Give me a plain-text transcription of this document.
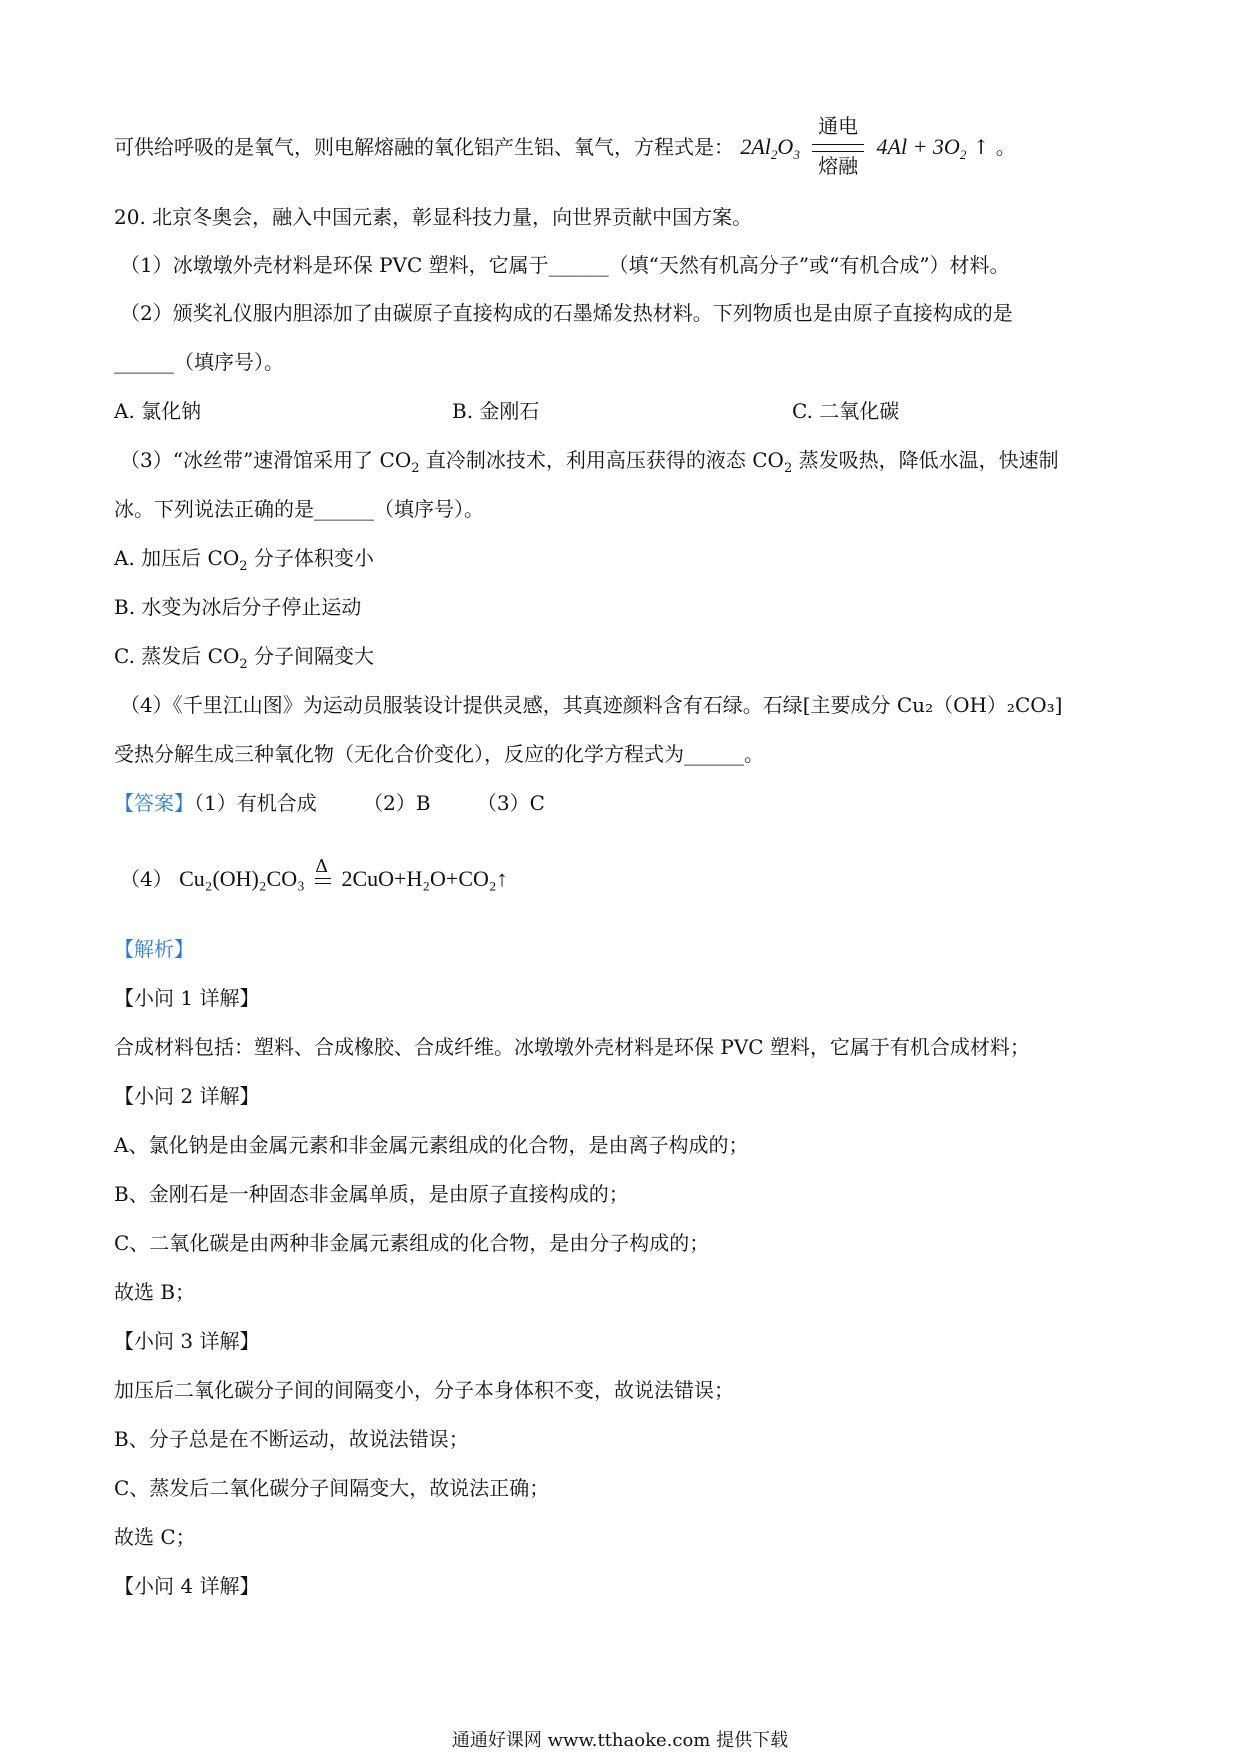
可供给呼吸的是氧气，则电解熔融的氧化铝产生铝、氧气，方程式是： $2Al_2O_3$
通电
熔融
$4Al + 3O_2$ ↑ 。
20. 北京冬奥会，融入中国元素，彰显科技力量，向世界贡献中国方案。
（1）冰墩墩外壳材料是环保 PVC 塑料，它属于______（填“天然有机高分子”或“有机合成”）材料。
（2）颁奖礼仪服内胆添加了由碳原子直接构成的石墨烯发热材料。下列物质也是由原子直接构成的是
______（填序号）。
A. 氯化钠	B. 金刚石	C. 二氧化碳
（3）“冰丝带”速滑馆采用了 $CO_2$ 直冷制冰技术，利用高压获得的液态 $CO_2$ 蒸发吸热，降低水温，快速制
冰。下列说法正确的是______（填序号）。
A. 加压后 $CO_2$ 分子体积变小
B. 水变为冰后分子停止运动
C. 蒸发后 $CO_2$ 分子间隔变大
（4）《千里江山图》为运动员服装设计提供灵感，其真迹颜料含有石绿。石绿[主要成分 Cu₂（OH）₂CO₃]
受热分解生成三种氧化物（无化合价变化），反应的化学方程式为______。
【答案】（1）有机合成 （2）B （3）C
（4） Cu₂(OH)₂CO₃ Δ 2CuO+H₂O+CO₂↑
【解析】
【小问 1 详解】
合成材料包括：塑料、合成橡胶、合成纤维。冰墩墩外壳材料是环保 PVC 塑料，它属于有机合成材料；
【小问 2 详解】
A、氯化钠是由金属元素和非金属元素组成的化合物，是由离子构成的；
B、金刚石是一种固态非金属单质，是由原子直接构成的；
C、二氧化碳是由两种非金属元素组成的化合物，是由分子构成的；
故选 B；
【小问 3 详解】
加压后二氧化碳分子间的间隔变小，分子本身体积不变，故说法错误；
B、分子总是在不断运动，故说法错误；
C、蒸发后二氧化碳分子间隔变大，故说法正确；
故选 C；
【小问 4 详解】
通通好课网 www.tthaoke.com 提供下载
